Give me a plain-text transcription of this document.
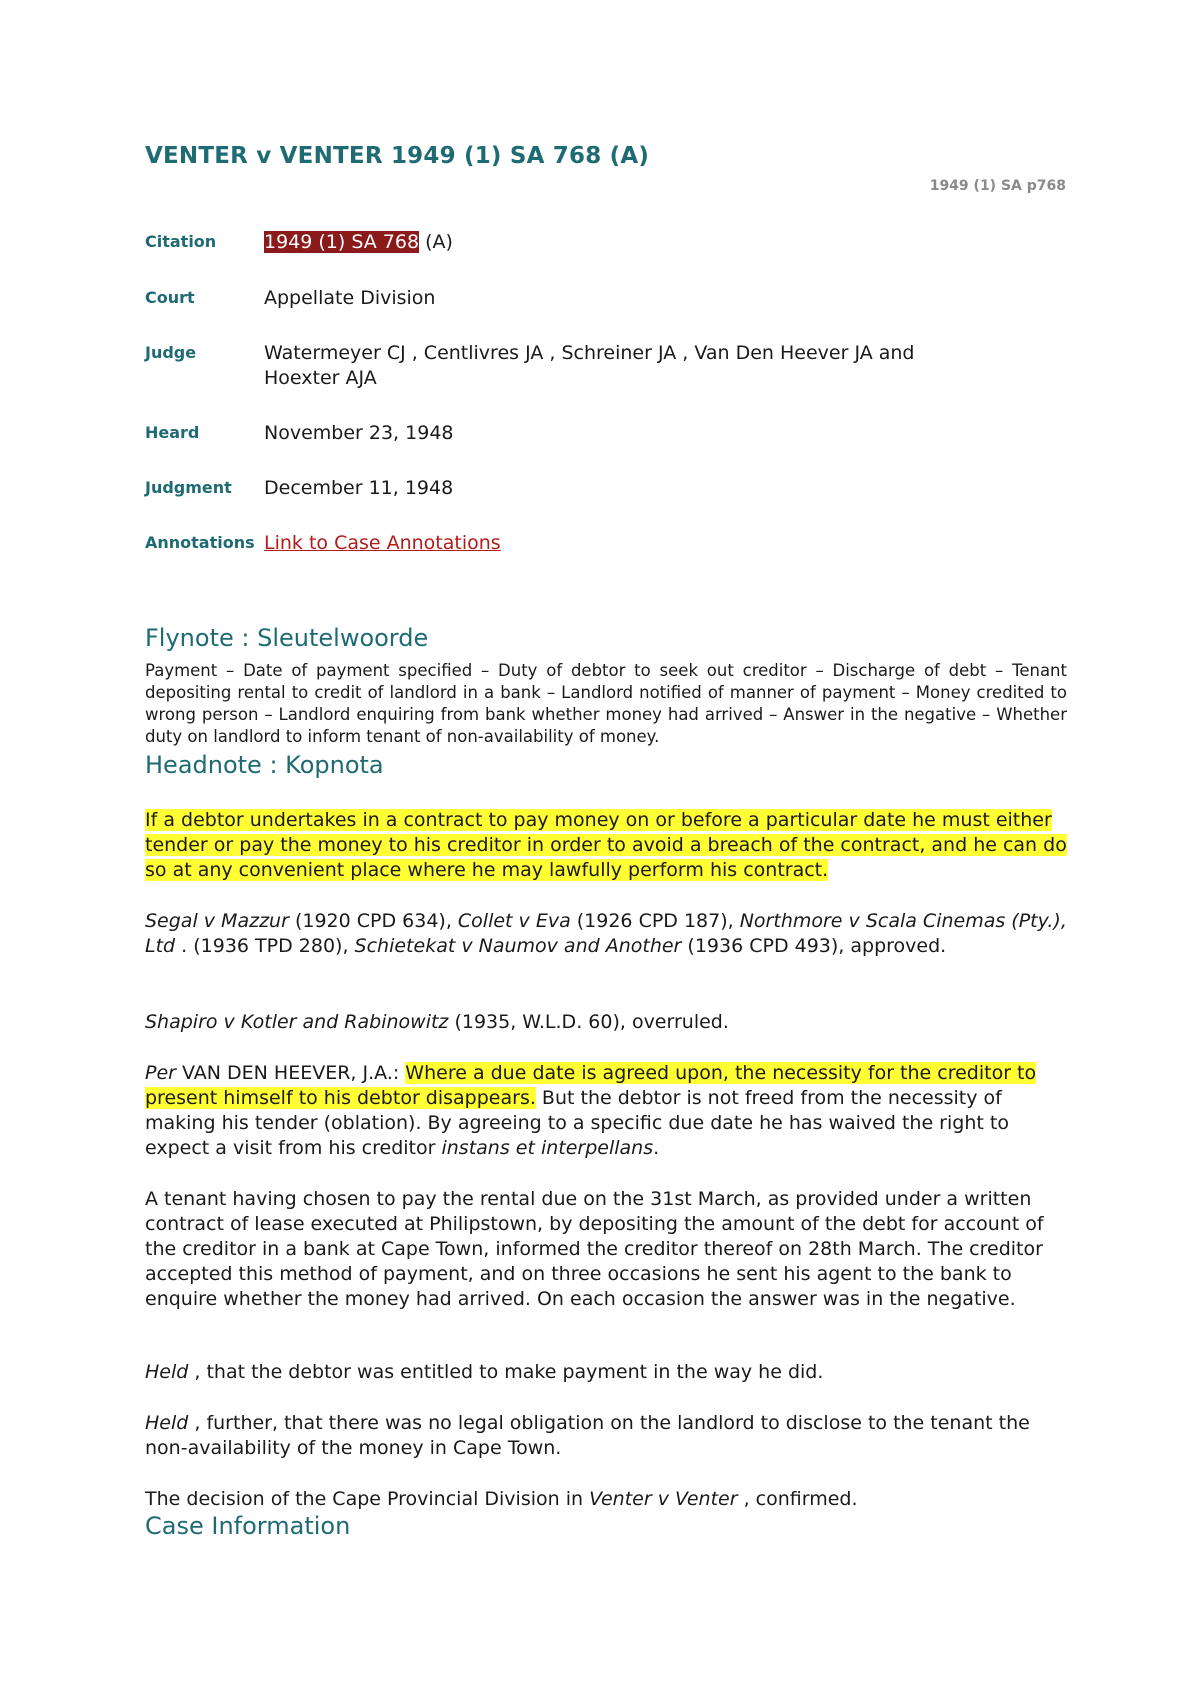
VENTER v VENTER 1949 (1) SA 768 (A)
1949 (1) SA p768
Citation	1949 (1) SA 768 (A)
Court	Appellate Division
Judge	Watermeyer CJ , Centlivres JA , Schreiner JA , Van Den Heever JA and Hoexter AJA
Heard	November 23, 1948
Judgment December 11, 1948
Annotations Link to Case Annotations
Flynote : Sleutelwoorde

Payment – Date of payment specified – Duty of debtor to seek out creditor – Discharge of debt – Tenant depositing rental to credit of landlord in a bank – Landlord notified of manner of payment – Money credited to wrong person – Landlord enquiring from bank whether money had arrived – Answer in the negative – Whether duty on landlord to inform tenant of non-availability of money.

Headnote : Kopnota

If a debtor undertakes in a contract to pay money on or before a particular date he must either tender or pay the money to his creditor in order to avoid a breach of the contract, and he can do so at any convenient place where he may lawfully perform his contract.

Segal v Mazzur (1920 CPD 634), Collet v Eva (1926 CPD 187), Northmore v Scala Cinemas (Pty.), Ltd . (1936 TPD 280), Schietekat v Naumov and Another (1936 CPD 493), approved.

Shapiro v Kotler and Rabinowitz (1935, W.L.D. 60), overruled.

Per VAN DEN HEEVER, J.A.: Where a due date is agreed upon, the necessity for the creditor to present himself to his debtor disappears. But the debtor is not freed from the necessity of making his tender (oblation). By agreeing to a specific due date he has waived the right to expect a visit from his creditor instans et interpellans.

A tenant having chosen to pay the rental due on the 31st March, as provided under a written contract of lease executed at Philipstown, by depositing the amount of the debt for account of the creditor in a bank at Cape Town, informed the creditor thereof on 28th March. The creditor accepted this method of payment, and on three occasions he sent his agent to the bank to enquire whether the money had arrived. On each occasion the answer was in the negative.

Held , that the debtor was entitled to make payment in the way he did.

Held , further, that there was no legal obligation on the landlord to disclose to the tenant the non-availability of the money in Cape Town.

The decision of the Cape Provincial Division in Venter v Venter , confirmed.

Case Information
